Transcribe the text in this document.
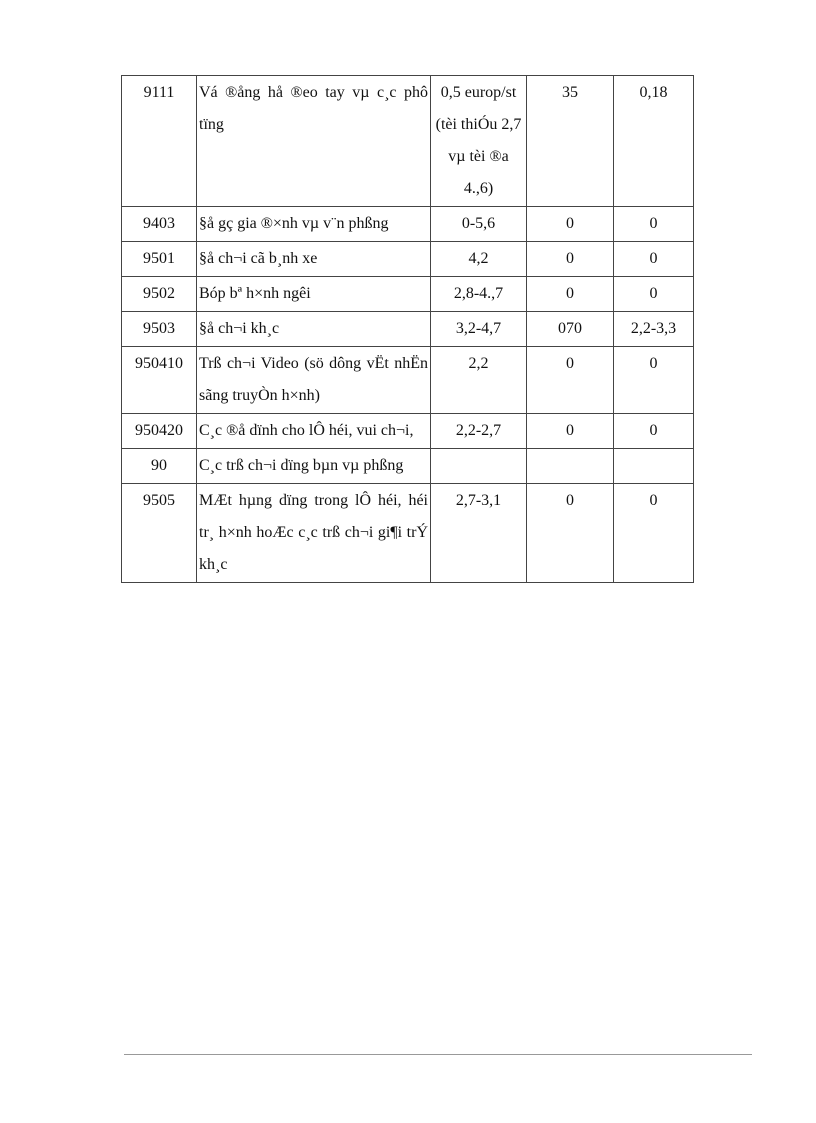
9111	Vá ®ång hå ®eo tay vµ c¸c phô tïng	0,5 europ/st (tèi thiÓu 2,7 vµ tèi ®a 4.,6)	35	0,18
9403	§å gç gia ®×nh vµ v¨n phßng	0-5,6	0	0
9501	§å ch¬i cã b¸nh xe	4,2	0	0
9502	Bóp bª h×nh ngêi	2,8-4.,7	0	0
9503	§å ch¬i kh¸c	3,2-4,7	070	2,2-3,3
950410	Trß ch¬i Video (sö dông vËt nhËn sãng truyÒn h×nh)	2,2	0	0
950420	C¸c ®å dïnh cho lÔ héi, vui ch¬i,	2,2-2,7	0	0
90	C¸c trß ch¬i dïng bµn vµ phßng			
9505	MÆt hµng dïng trong lÔ héi, héi tr¸ h×nh hoÆc c¸c trß ch¬i gi¶i trÝ kh¸c	2,7-3,1	0	0
